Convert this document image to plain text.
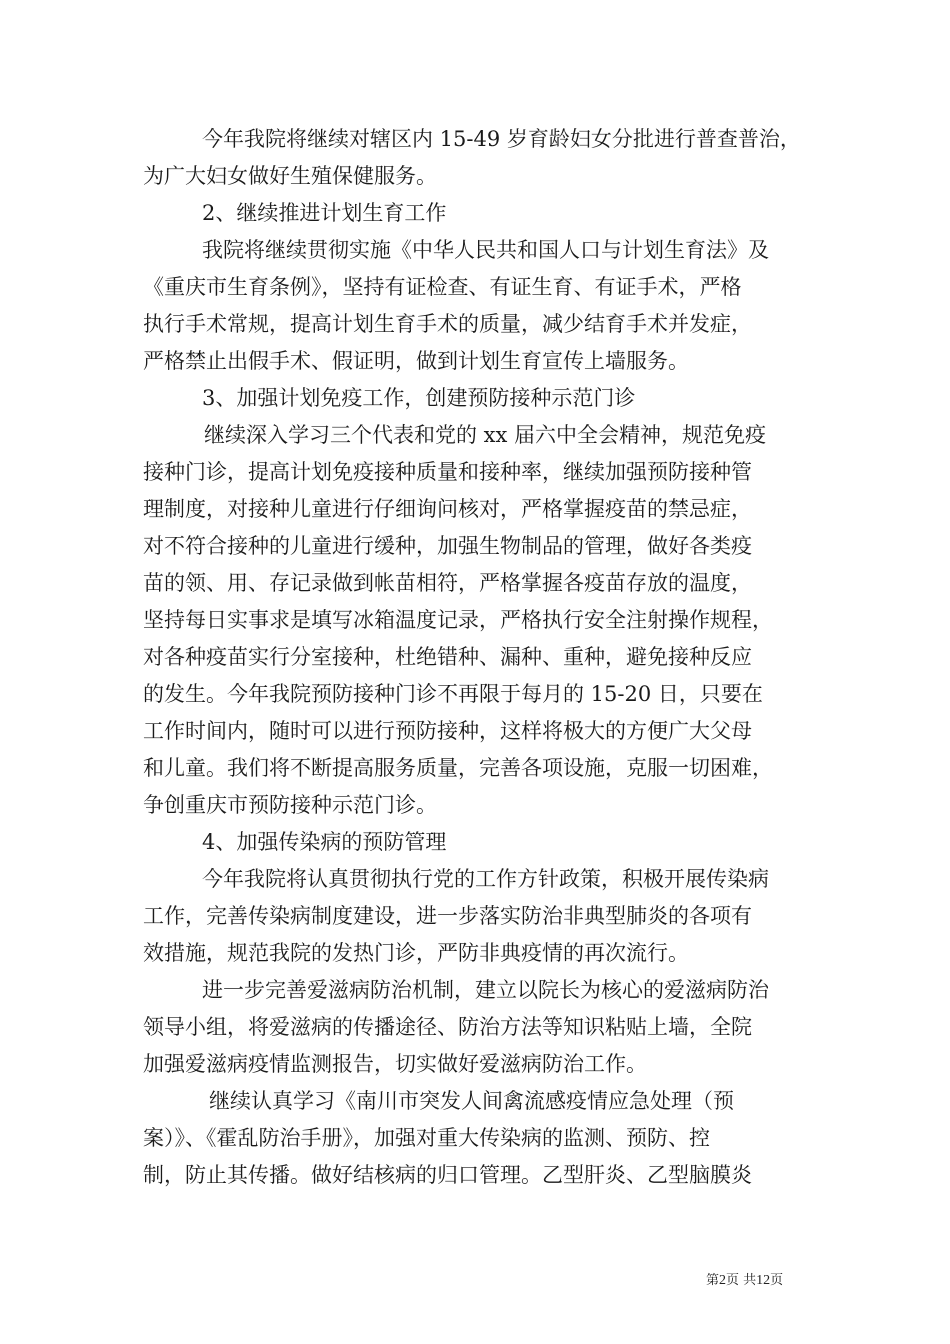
今年我院将继续对辖区内 15-49 岁育龄妇女分批进行普查普治，
为广大妇女做好生殖保健服务。
2、继续推进计划生育工作
我院将继续贯彻实施《中华人民共和国人口与计划生育法》及
《重庆市生育条例》，坚持有证检查、有证生育、有证手术，严格
执行手术常规，提高计划生育手术的质量，减少结育手术并发症，
严格禁止出假手术、假证明，做到计划生育宣传上墙服务。
3、加强计划免疫工作，创建预防接种示范门诊
继续深入学习三个代表和党的 xx 届六中全会精神，规范免疫
接种门诊，提高计划免疫接种质量和接种率，继续加强预防接种管
理制度，对接种儿童进行仔细询问核对，严格掌握疫苗的禁忌症，
对不符合接种的儿童进行缓种，加强生物制品的管理，做好各类疫
苗的领、用、存记录做到帐苗相符，严格掌握各疫苗存放的温度，
坚持每日实事求是填写冰箱温度记录，严格执行安全注射操作规程，
对各种疫苗实行分室接种，杜绝错种、漏种、重种，避免接种反应
的发生。今年我院预防接种门诊不再限于每月的 15-20 日，只要在
工作时间内，随时可以进行预防接种，这样将极大的方便广大父母
和儿童。我们将不断提高服务质量，完善各项设施，克服一切困难，
争创重庆市预防接种示范门诊。
4、加强传染病的预防管理
今年我院将认真贯彻执行党的工作方针政策，积极开展传染病
工作，完善传染病制度建设，进一步落实防治非典型肺炎的各项有
效措施，规范我院的发热门诊，严防非典疫情的再次流行。
进一步完善爱滋病防治机制，建立以院长为核心的爱滋病防治
领导小组，将爱滋病的传播途径、防治方法等知识粘贴上墙，全院
加强爱滋病疫情监测报告，切实做好爱滋病防治工作。
继续认真学习《南川市突发人间禽流感疫情应急处理（预
案）》、《霍乱防治手册》，加强对重大传染病的监测、预防、控
制，防止其传播。做好结核病的归口管理。乙型肝炎、乙型脑膜炎
第2页 共12页
